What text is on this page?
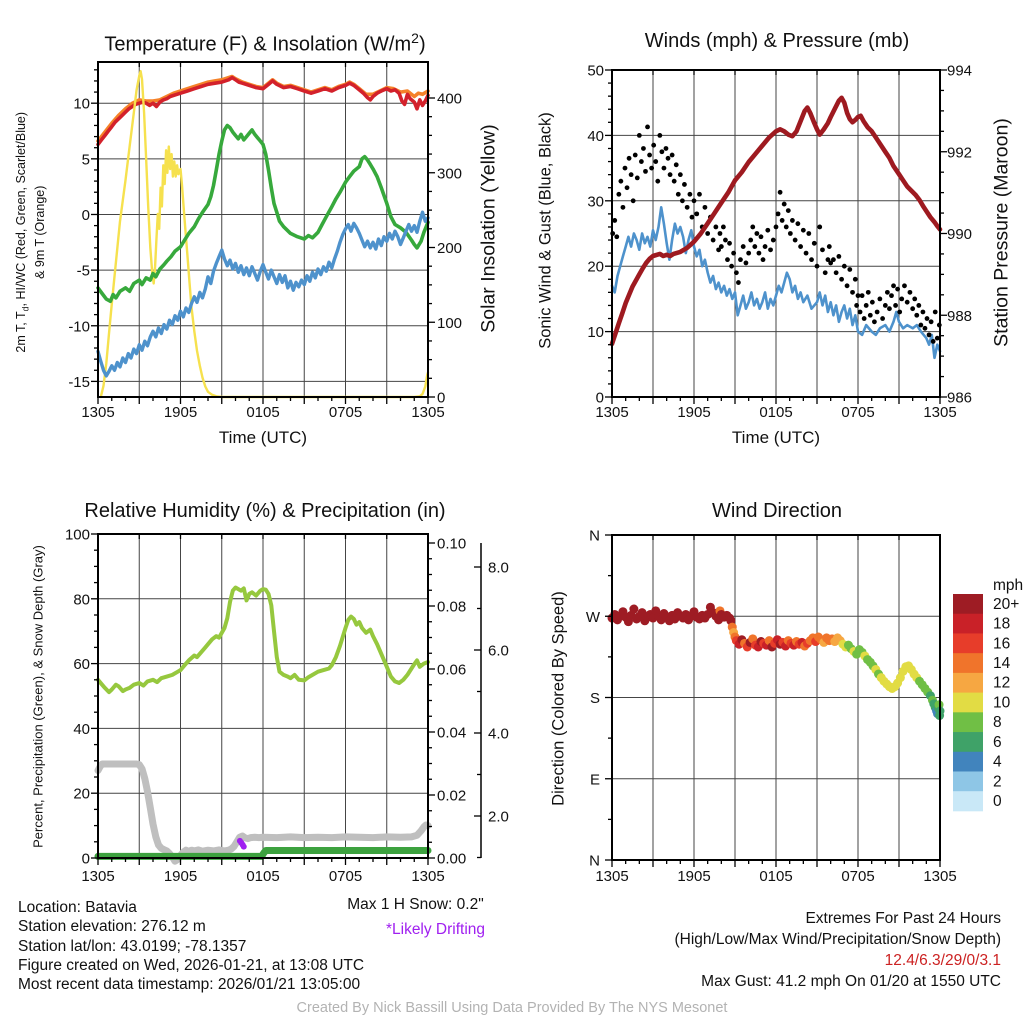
1305	1905	0105	0705	1305
-15
-10
-5
0
5
10
0
100
200
300
400
1305	1905	0105	0705	1305
0
10
20
30
40
50
986
988
990
992
994
1305	1905	0105	0705	1305
0
20
40
60
80
100
0.00
0.02
0.04
0.06
0.08
0.10
2.0
4.0
6.0
8.0
1305	1905	0105	0705	1305
N
W
S
E
N
mph
20+
18
16
14
12
10
8
6
4
2
0
Temperature (F) & Insolation $(W/m^2)$	Winds (mph) & Pressure (mb)
Relative Humidity (%) & Precipitation (in)	Wind Direction
Time (UTC)	Time (UTC)
2m T, $T_d$, HI/WC (Red, Green, Scarlet/Blue) & 9m T (Orange)	Solar Insolation (Yellow) Sonic Wind & Gust (Blue, Black)	Station Pressure (Maroon)
Percent, Precipitation (Green), & Snow Depth (Gray)	Direction (Colored By Speed)
Location: Batavia
Station elevation: 276.12 m
Station lat/lon: 43.0199; -78.1357
Figure created on Wed, 2026-01-21, at 13:08 UTC
Most recent data timestamp: 2026/01/21 13:05:00
Max 1 H Snow: 0.2"
*Likely Drifting
Extremes For Past 24 Hours
(High/Low/Max Wind/Precipitation/Snow Depth)
12.4/6.3/29/0/3.1
Max Gust: 41.2 mph On 01/20 at 1550 UTC
Created By Nick Bassill Using Data Provided By The NYS Mesonet
